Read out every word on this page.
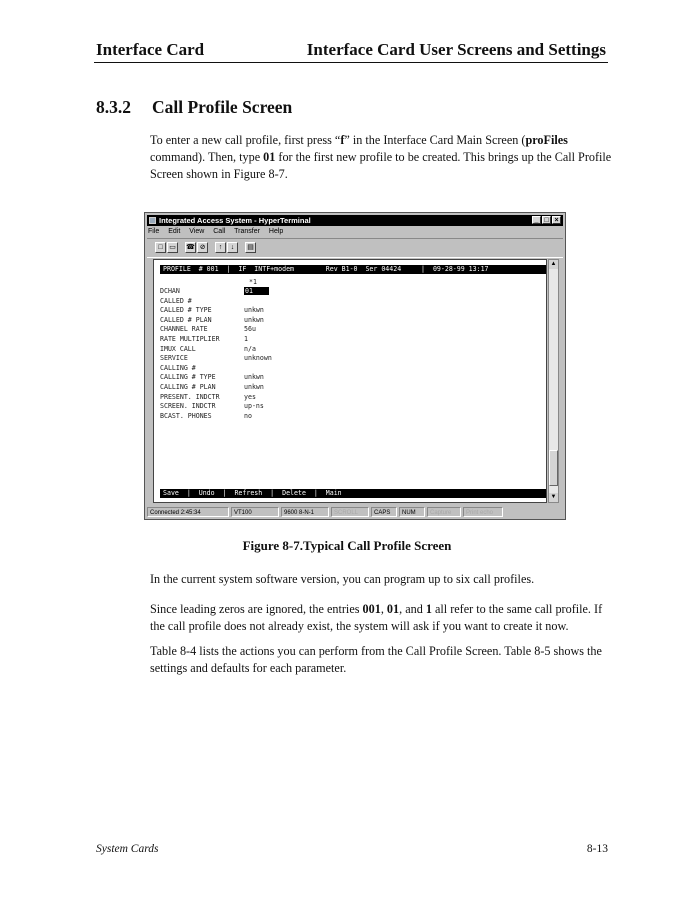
Interface Card	Interface Card User Screens and Settings
8.3.2 Call Profile Screen
To enter a new call profile, first press “f” in the Interface Card Main Screen (proFiles command). Then, type 01 for the first new profile to be created. This brings up the Call Profile Screen shown in Figure 8-7.
Integrated Access System - HyperTerminal	_ □ ×
File Edit View Call Transfer Help
□ ▭	☎ ⊘	↑	↓	▤
PROFILE  # 001  |  IF  INTF+modem        Rev B1-0  Ser 04424     |  09-28-99 13:17
*1
DCHAN	01
CALLED #
CALLED # TYPE	unkwn
CALLED # PLAN	unkwn
CHANNEL RATE	56u
RATE MULTIPLIER	1
IMUX CALL	n/a
SERVICE	unknown
CALLING #
CALLING # TYPE	unkwn
CALLING # PLAN	unkwn
PRESENT. INDCTR	yes
SCREEN. INDCTR	up-ns
BCAST. PHONES	no
Save  |  Undo  |  Refresh  |  Delete  |  Main
▲
▼
Connected 2:45:34	VT100	9600 8-N-1	SCROLL	CAPS	NUM	Capture	Print echo
Figure 8-7.Typical Call Profile Screen
In the current system software version, you can program up to six call profiles.
Since leading zeros are ignored, the entries 001, 01, and 1 all refer to the same call profile. If the call profile does not already exist, the system will ask if you want to create it now.
Table 8-4 lists the actions you can perform from the Call Profile Screen. Table 8-5 shows the settings and defaults for each parameter.
System Cards	8-13
